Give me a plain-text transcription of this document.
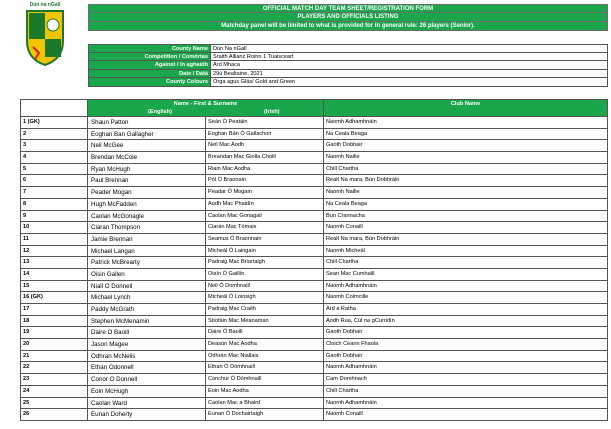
Dún na nGall
OFFICIAL MATCH DAY TEAM SHEET/REGISTRATION FORM
PLAYERS AND OFFICIALS LISTING
Matchday panel will be limited to what is provided for in general rule: 26 players (Senior).
County Name Dún Na nGall
Competition / Comórtas Sraith Allianz Roinn 1 Tuaisceart
Against / In aghaidh Ard Mhaca
Date / Dátá 29ú Bealtaine, 2021
County Colours Órga agus Glás/ Gold and Green
Name - First & Surname
(English)	(Irish)
Club Name
1 (GK)	Shaun Patton	Seán Ó Peatáin	Naomh Adhamhnáin
2	Eoghan Ban Gallagher	Eoghan Bán Ó Gallachoir	Na Ceala Beaga
3	Neil McGee	Neil Mac Aodh	Gaoth Dobhair
4	Brendan McCole	Breandan Mac Giolla Choill	Naomh Naille
5	Ryan McHugh	Riain Mac Aodha	Chill Chartha
6	Paul Brennan	Pól Ó Braonain	Realt Na mara, Bún Dobhráin
7	Peader Mogan	Peadar Ó Mogain	Naomh Naille
8	Hugh McFadden	Aodh Mac Phaidín	Na Ceala Beaga
9	Caolan McGonagle	Caolan Mac Gonagail	Bun Crannacha
10	Ciaran Thompson	Ciarán Mac Tómais	Naomh Conaill
11	Jamie Brennan	Seamus Ó Braonnain	Realt Na mara, Bún Dobhráin
12	Michael Langan	Micheál Ó Laingain	Naomh Micheál
13	Patrick McBrearty	Padraig Mac Briartaigh	Chill Chartha
14	Oisin Gallen	Oisín Ó Gaillín	Sean Mac Cumhaill
15	Niall O Donnell	Neil Ó Domhnaill	Naomh Adhamhnáin
16 (GK)	Michael Lynch	Micheál Ó Loinsigh	Naomh Colmcille
17	Paddy McGrath	Padraig Mac Craith	Ard a Ratha
18	Stephen McMenamin	Stíofáin Mac Meanaman	Aodh Rua, Cúl na gCurridín
19	Daire O Baoill	Daire Ó Baoill	Gaoth Dobhair
20	Jason Magee	Deasún Mac Aodha	Cloich Ceann Fhaola
21	Odhran McNelis	Odhrán Mac Niallais	Gaoth Dobhair
22	Ethan Odonnell	Ethan Ó Dómhnaill	Naomh Adhamhnáin
23	Conor O Donnell	Conchur Ó Dómhnaill	Carn Domhnach
24	Eoin McHugh	Eoin Mac Aodha	Chill Chartha
25	Caolan Ward	Caolan Mac a Bhaird	Naomh Adhamhnáin
26	Eunan Doherty	Eunan Ó Dochairtaigh	Naomh Conaill
